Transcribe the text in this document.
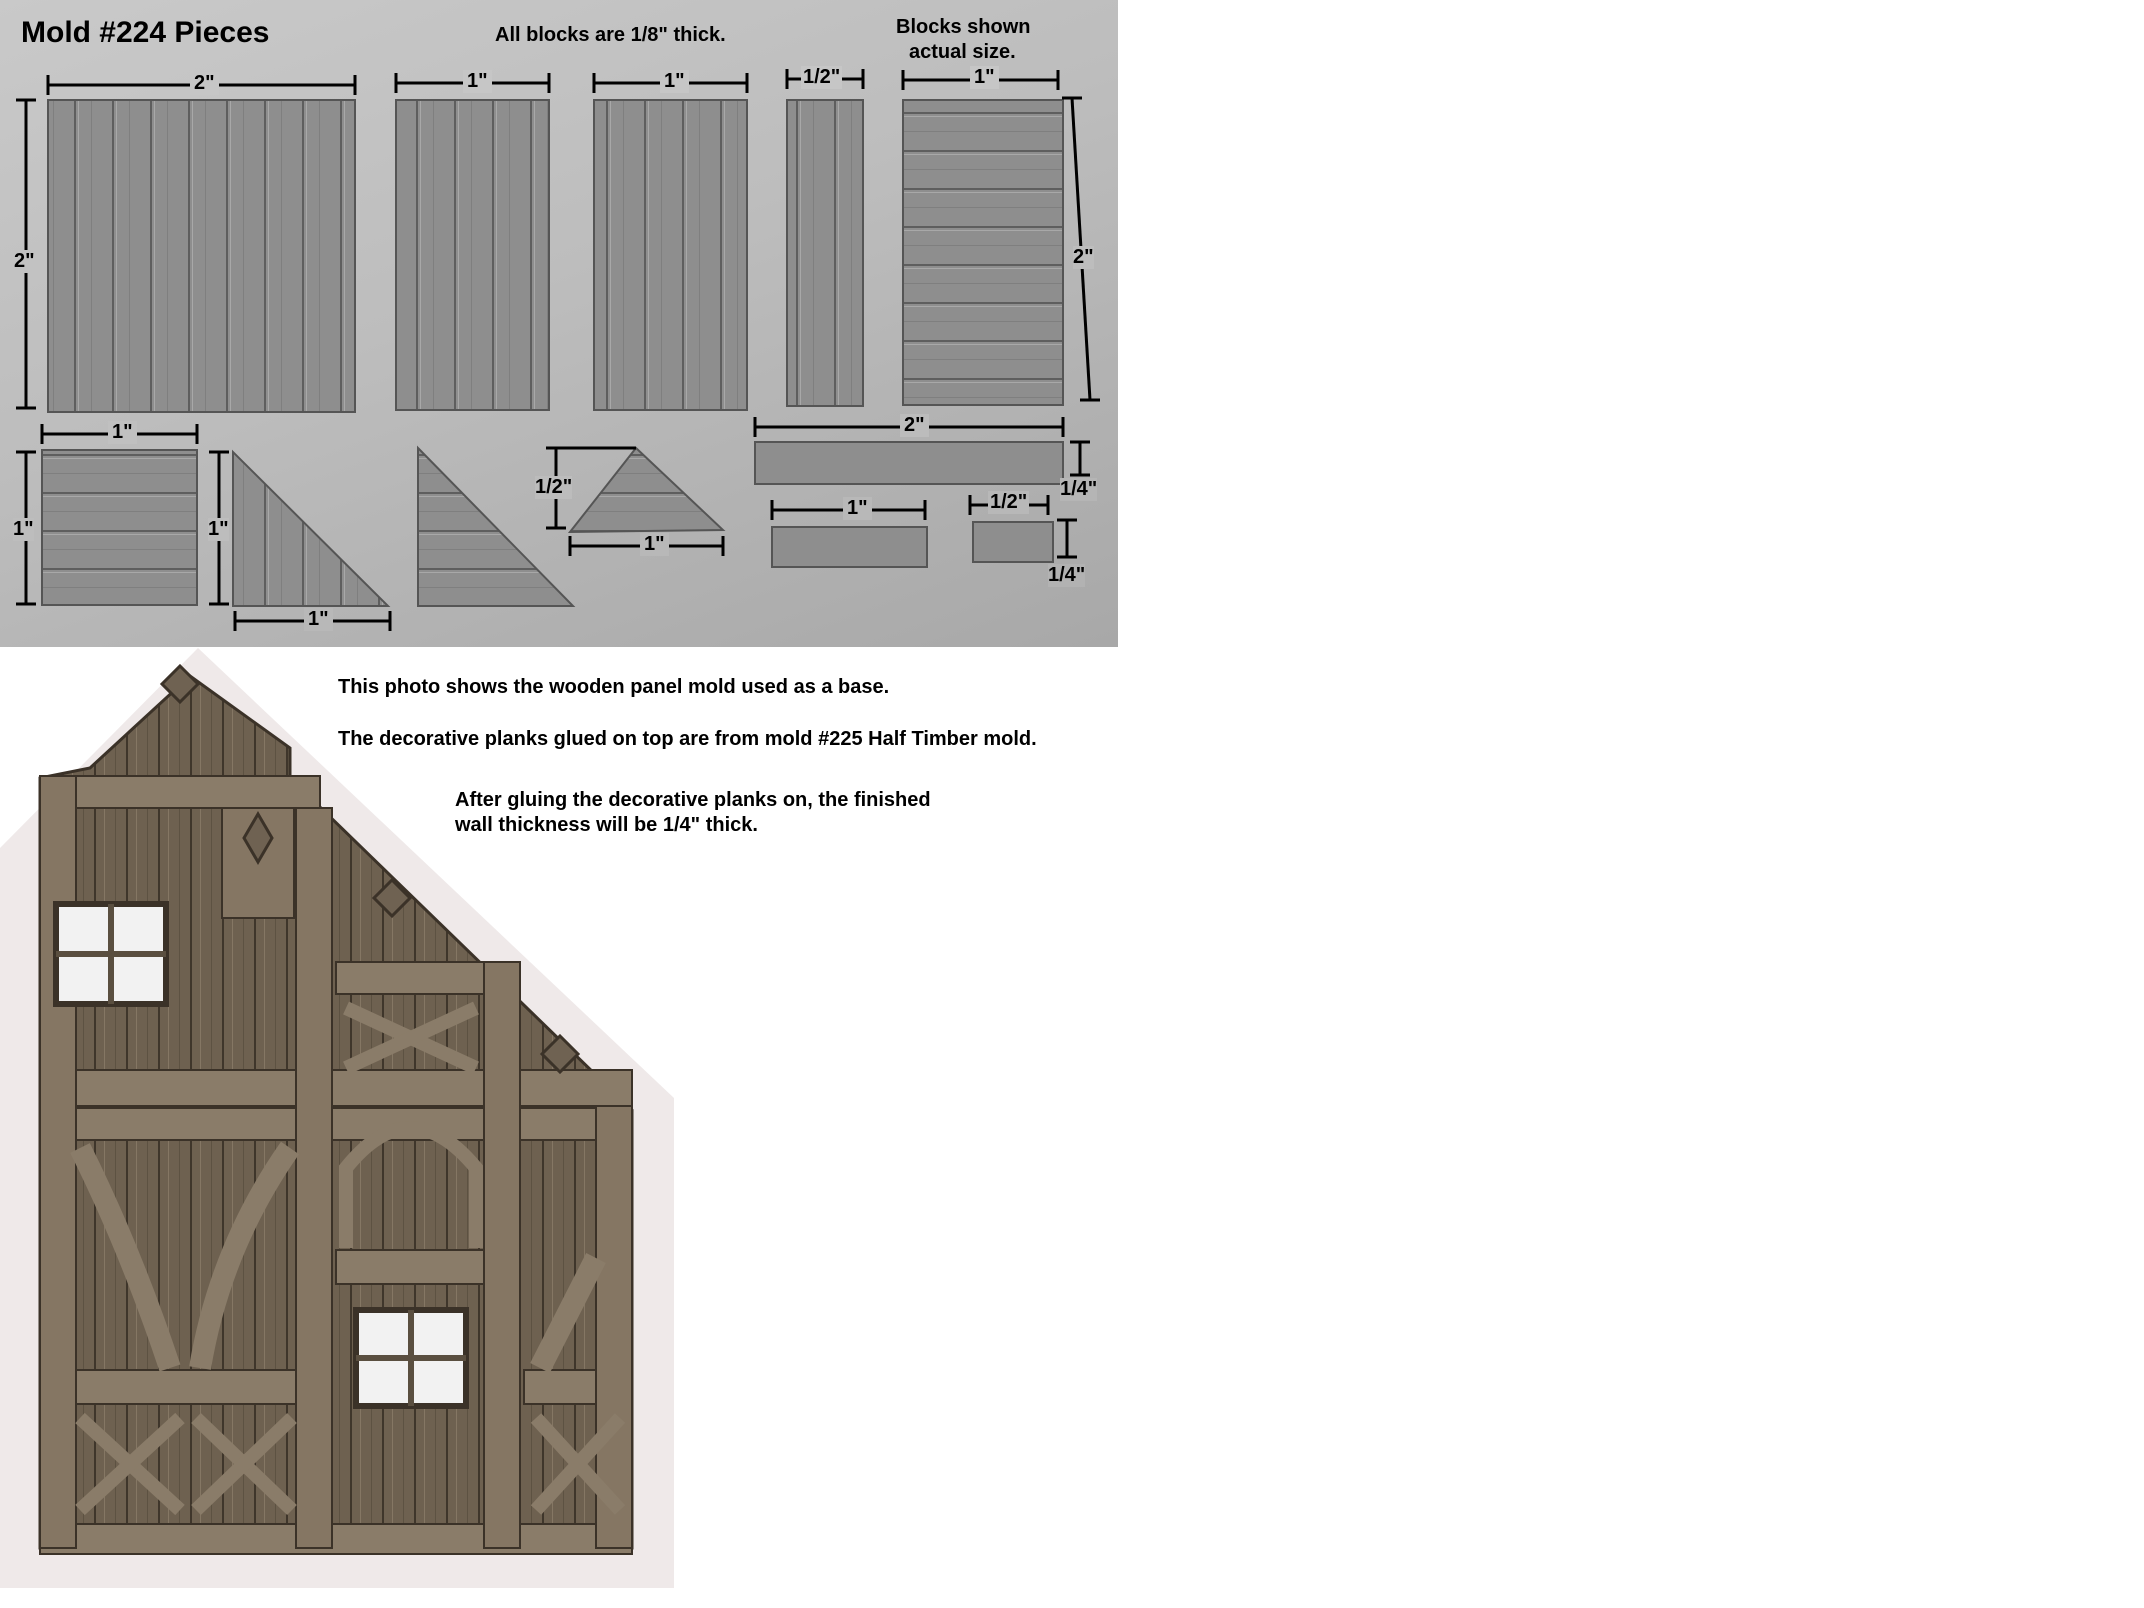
Mold #224 Pieces	All blocks are 1/8" thick.	Blocks shown
actual size.
2"
2"
1"	1"	1/2"	1"
2"
1"
1"	1"
1"
1/2"
1"
2"
1/4"
1"	1/2"
1/4"
This photo shows the wooden panel mold used as a base.
The decorative planks glued on top are from mold #225 Half Timber mold.
After gluing the decorative planks on, the finished
wall thickness will be 1/4" thick.
